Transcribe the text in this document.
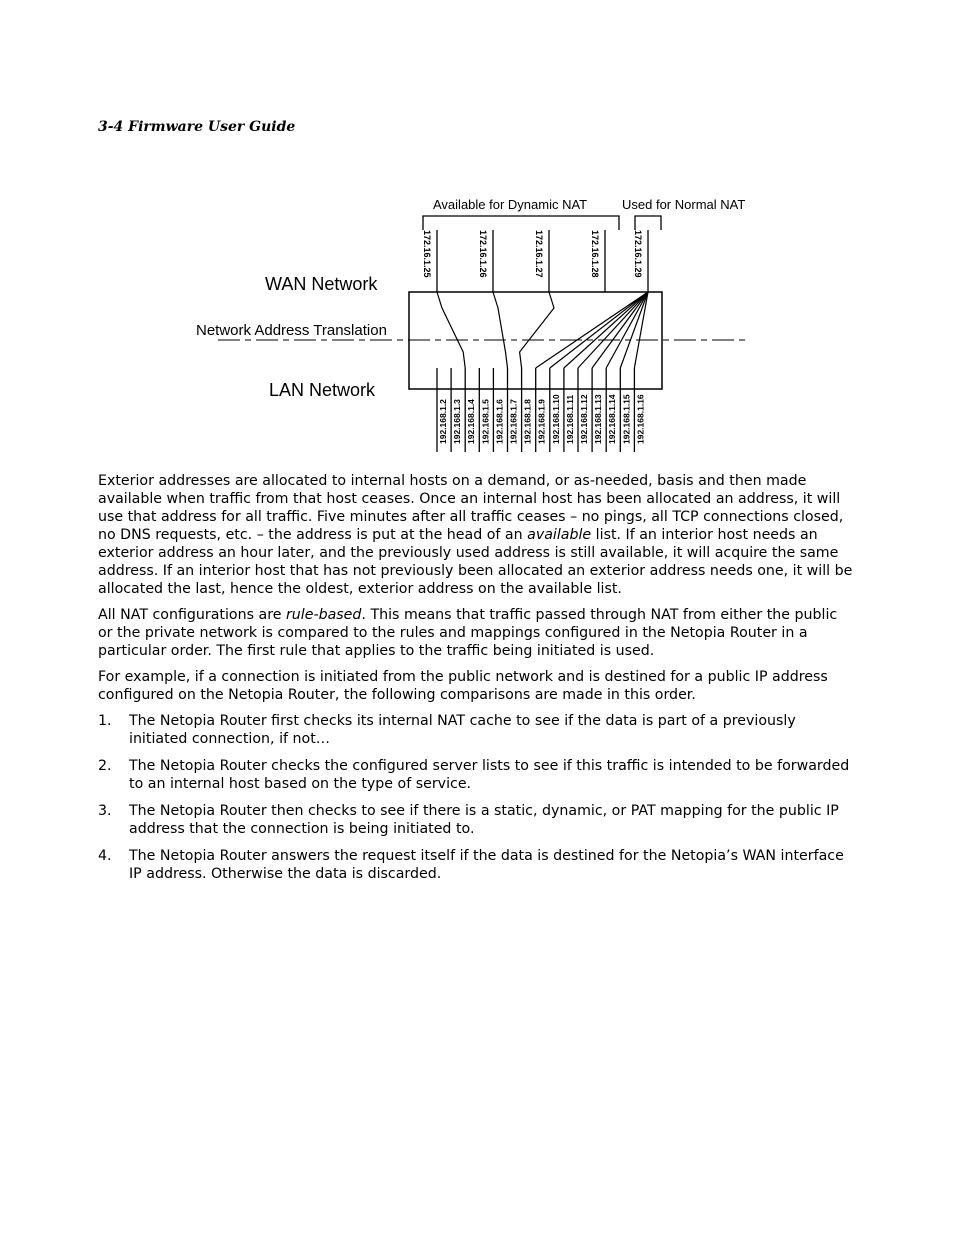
3-4 Firmware User Guide
Available for Dynamic NAT	Used for Normal NAT
WAN Network
Network Address Translation
LAN Network
172.16.1.25	172.16.1.26	172.16.1.27	172.16.1.28	172.16.1.29
192.168.1.2 192.168.1.3 192.168.1.4 192.168.1.5 192.168.1.6 192.168.1.7 192.168.1.8 192.168.1.9 192.168.1.10 192.168.1.11 192.168.1.12 192.168.1.13 192.168.1.14 192.168.1.15 192.168.1.16

Exterior addresses are allocated to internal hosts on a demand, or as-needed, basis and then made available when traffic from that host ceases. Once an internal host has been allocated an address, it will use that address for all traffic. Five minutes after all traffic ceases – no pings, all TCP connections closed, no DNS requests, etc. – the address is put at the head of an available list. If an interior host needs an exterior address an hour later, and the previously used address is still available, it will acquire the same address. If an interior host that has not previously been allocated an exterior address needs one, it will be allocated the last, hence the oldest, exterior address on the available list.

All NAT configurations are rule-based. This means that traffic passed through NAT from either the public or the private network is compared to the rules and mappings configured in the Netopia Router in a particular order. The first rule that applies to the traffic being initiated is used.

For example, if a connection is initiated from the public network and is destined for a public IP address configured on the Netopia Router, the following comparisons are made in this order.

1. The Netopia Router first checks its internal NAT cache to see if the data is part of a previously initiated connection, if not…
2. The Netopia Router checks the configured server lists to see if this traffic is intended to be forwarded to an internal host based on the type of service.
3. The Netopia Router then checks to see if there is a static, dynamic, or PAT mapping for the public IP address that the connection is being initiated to.
4. The Netopia Router answers the request itself if the data is destined for the Netopia’s WAN interface IP address. Otherwise the data is discarded.
